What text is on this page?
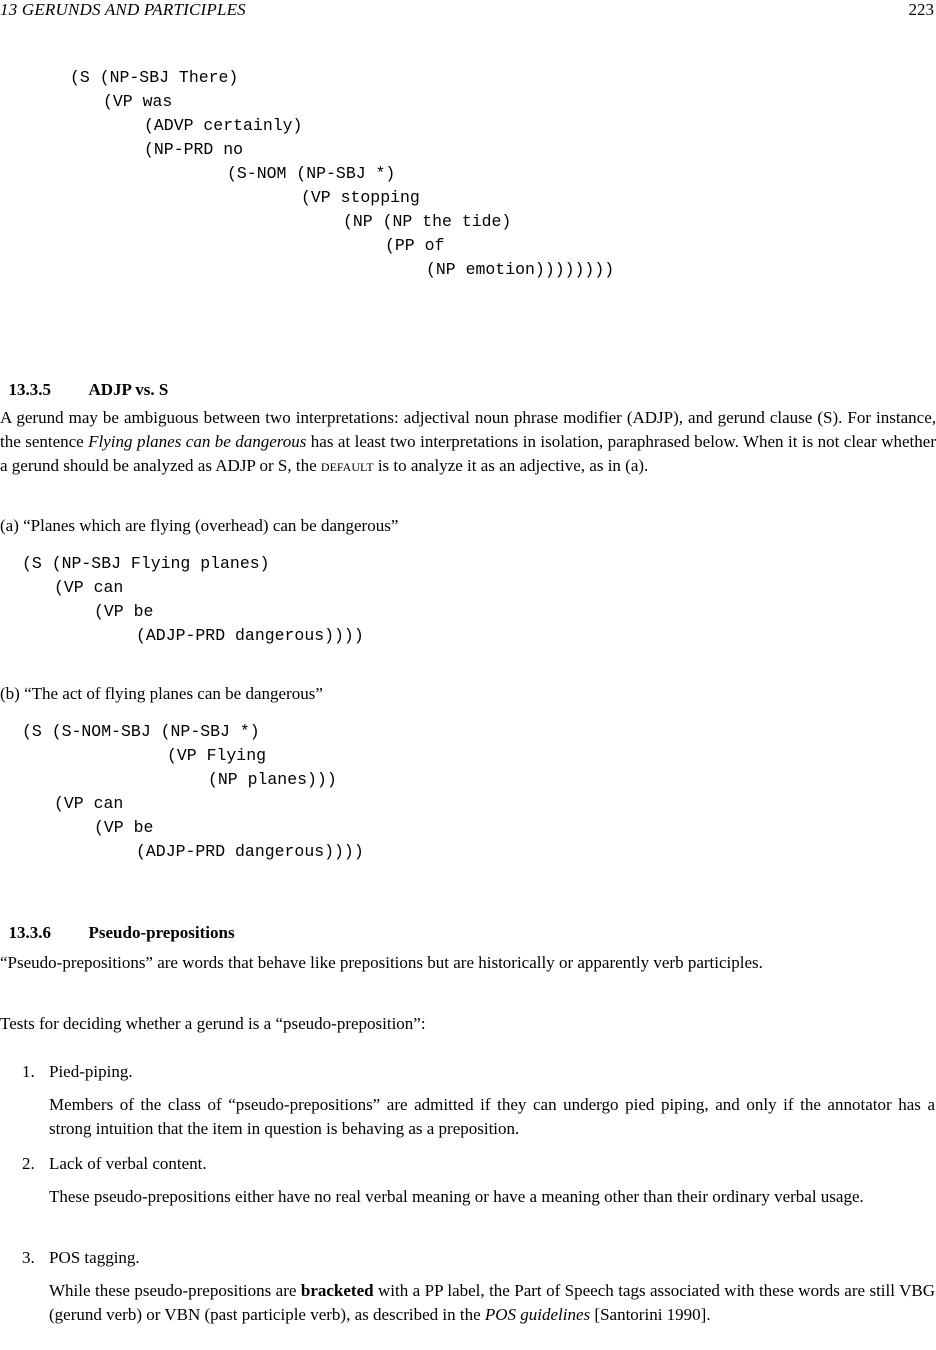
13 GERUNDS AND PARTICIPLES	223
(S (NP-SBJ There)
(VP was
(ADVP certainly)
(NP-PRD no
(S-NOM (NP-SBJ *)
(VP stopping
(NP (NP the tide)
(PP of
(NP emotion))))))))

13.3.5 ADJP vs. S

A gerund may be ambiguous between two interpretations: adjectival noun phrase modifier (ADJP), and gerund clause (S). For instance, the sentence Flying planes can be dangerous has at least two interpretations in isolation, paraphrased below. When it is not clear whether a gerund should be analyzed as ADJP or S, the default is to analyze it as an adjective, as in (a).
(a) “Planes which are flying (overhead) can be dangerous”
(S (NP-SBJ Flying planes)
(VP can
(VP be
(ADJP-PRD dangerous))))
(b) “The act of flying planes can be dangerous”
(S (S-NOM-SBJ (NP-SBJ *)
(VP Flying
(NP planes)))
(VP can
(VP be
(ADJP-PRD dangerous))))

13.3.6 Pseudo-prepositions

“Pseudo-prepositions” are words that behave like prepositions but are historically or apparently verb participles.
Tests for deciding whether a gerund is a “pseudo-preposition”:
1. Pied-piping.
Members of the class of “pseudo-prepositions” are admitted if they can undergo pied piping, and only if the annotator has a strong intuition that the item in question is behaving as a preposition.
2. Lack of verbal content.
These pseudo-prepositions either have no real verbal meaning or have a meaning other than their ordinary verbal usage.
3. POS tagging.
While these pseudo-prepositions are bracketed with a PP label, the Part of Speech tags associated with these words are still VBG (gerund verb) or VBN (past participle verb), as described in the POS guidelines [Santorini 1990].
